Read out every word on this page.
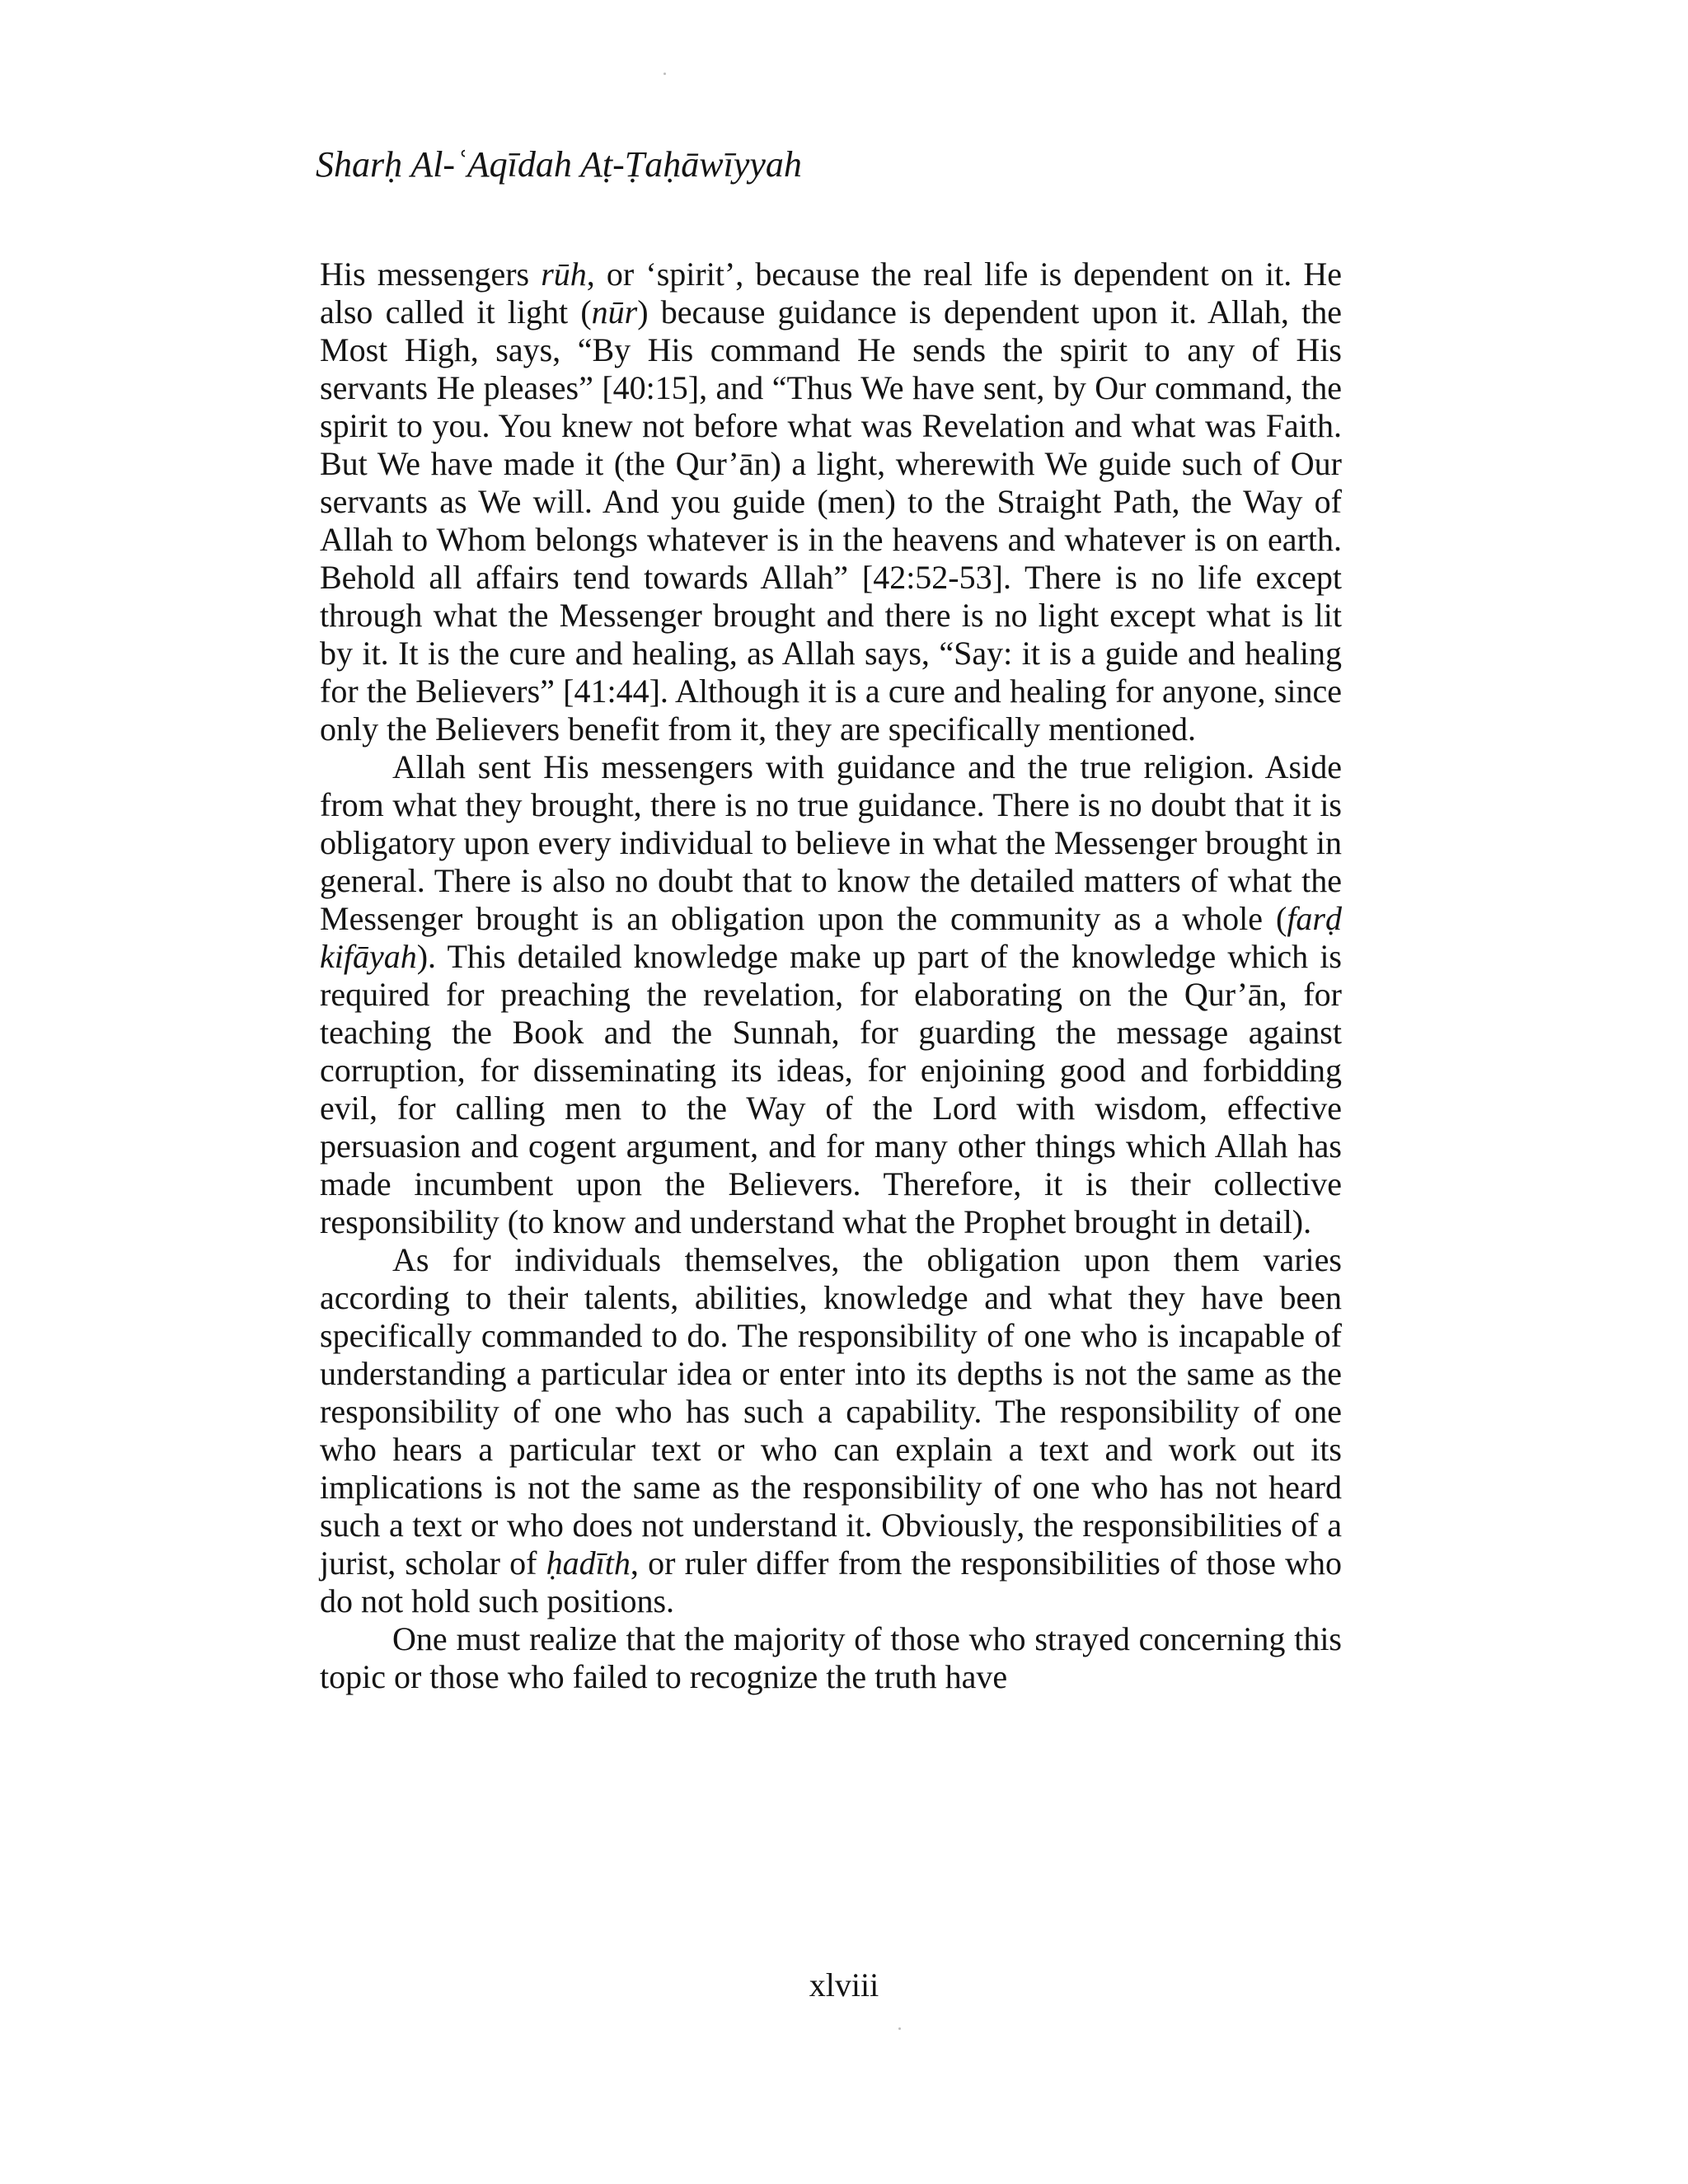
Sharḥ Al-ʿAqīdah Aṭ-Ṭaḥāwīyyah

His messengers rūh, or ‘spirit’, because the real life is dependent on it. He also called it light (nūr) because guidance is dependent upon it. Allah, the Most High, says, “By His command He sends the spirit to any of His servants He pleases” [40:15], and “Thus We have sent, by Our command, the spirit to you. You knew not before what was Revelation and what was Faith. But We have made it (the Qur’ān) a light, wherewith We guide such of Our servants as We will. And you guide (men) to the Straight Path, the Way of Allah to Whom belongs whatever is in the heavens and whatever is on earth. Behold all affairs tend towards Allah” [42:52-53]. There is no life except through what the Messenger brought and there is no light except what is lit by it. It is the cure and healing, as Allah says, “Say: it is a guide and healing for the Believers” [41:44]. Although it is a cure and healing for anyone, since only the Believers benefit from it, they are specifically mentioned.

Allah sent His messengers with guidance and the true religion. Aside from what they brought, there is no true guidance. There is no doubt that it is obligatory upon every individual to believe in what the Messenger brought in general. There is also no doubt that to know the detailed matters of what the Messenger brought is an obligation upon the community as a whole (farḍ kifāyah). This detailed knowledge make up part of the knowledge which is required for preaching the revelation, for elaborating on the Qur’ān, for teaching the Book and the Sunnah, for guarding the message against corruption, for disseminating its ideas, for enjoining good and forbidding evil, for calling men to the Way of the Lord with wisdom, effective persuasion and cogent argument, and for many other things which Allah has made incumbent upon the Believers. Therefore, it is their collective responsibility (to know and understand what the Prophet brought in detail).

As for individuals themselves, the obligation upon them varies according to their talents, abilities, knowledge and what they have been specifically commanded to do. The responsibility of one who is incapable of understanding a particular idea or enter into its depths is not the same as the responsibility of one who has such a capability. The responsibility of one who hears a particular text or who can explain a text and work out its implications is not the same as the responsibility of one who has not heard such a text or who does not understand it. Obviously, the responsibilities of a jurist, scholar of ḥadīth, or ruler differ from the responsibilities of those who do not hold such positions.

One must realize that the majority of those who strayed concerning this topic or those who failed to recognize the truth have

xlviii
